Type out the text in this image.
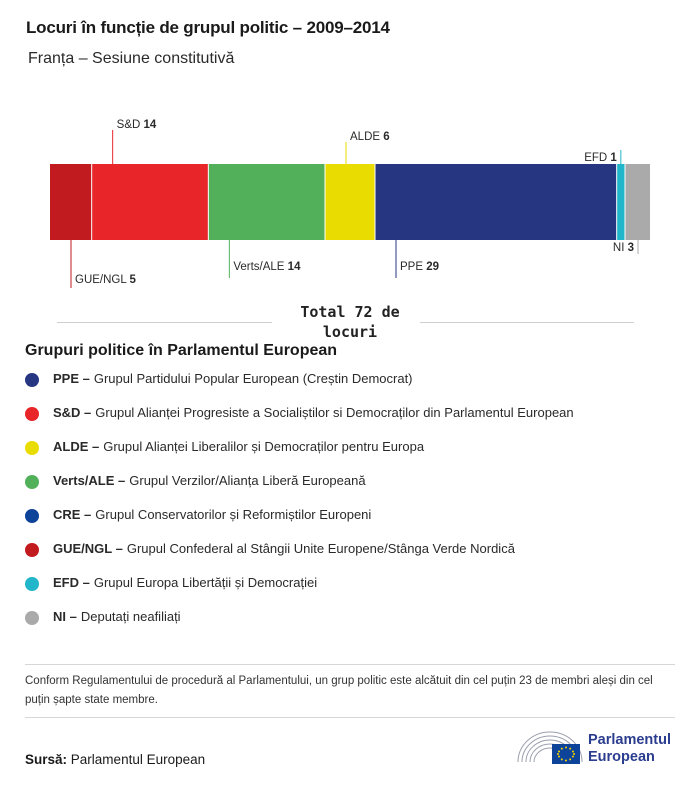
Locuri în funcție de grupul politic – 2009–2014
Franța – Sesiune constitutivă
GUE/NGL 5
S&D 14
Verts/ALE 14
ALDE 6
PPE 29
EFD 1
NI 3
Total 72 de locuri
Grupuri politice în Parlamentul European
PPE – Grupul Partidului Popular European (Creștin Democrat)
S&D – Grupul Alianței Progresiste a Socialiștilor si Democraților din Parlamentul European
ALDE – Grupul Alianței Liberalilor și Democraților pentru Europa
Verts/ALE – Grupul Verzilor/Alianța Liberă Europeană
CRE – Grupul Conservatorilor și Reformiștilor Europeni
GUE/NGL – Grupul Confederal al Stângii Unite Europene/Stânga Verde Nordică
EFD – Grupul Europa Libertății și Democrației
NI – Deputați neafiliați
Conform Regulamentului de procedură al Parlamentului, un grup politic este alcătuit din cel puțin 23 de membri aleși din cel puțin șapte state membre.
Sursă: Parlamentul European
Parlamentul
European
